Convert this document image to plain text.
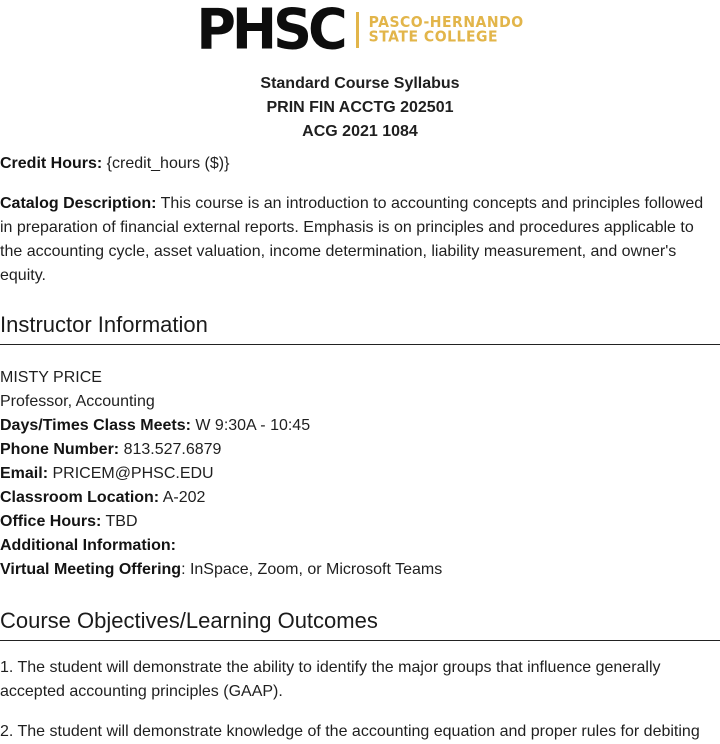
PHSC PASCO-HERNANDO
STATE COLLEGE
Standard Course Syllabus
PRIN FIN ACCTG 202501
ACG 2021 1084

Credit Hours: {credit_hours ($)}

Catalog Description: This course is an introduction to accounting concepts and principles followed in preparation of financial external reports. Emphasis is on principles and procedures applicable to the accounting cycle, asset valuation, income determination, liability measurement, and owner's equity.

Instructor Information
MISTY PRICE
Professor, Accounting
Days/Times Class Meets: W 9:30A - 10:45
Phone Number: 813.527.6879
Email: PRICEM@PHSC.EDU
Classroom Location: A-202
Office Hours: TBD
Additional Information:
Virtual Meeting Offering: InSpace, Zoom, or Microsoft Teams
Course Objectives/Learning Outcomes

1. The student will demonstrate the ability to identify the major groups that influence generally accepted accounting principles (GAAP).

2. The student will demonstrate knowledge of the accounting equation and proper rules for debiting
